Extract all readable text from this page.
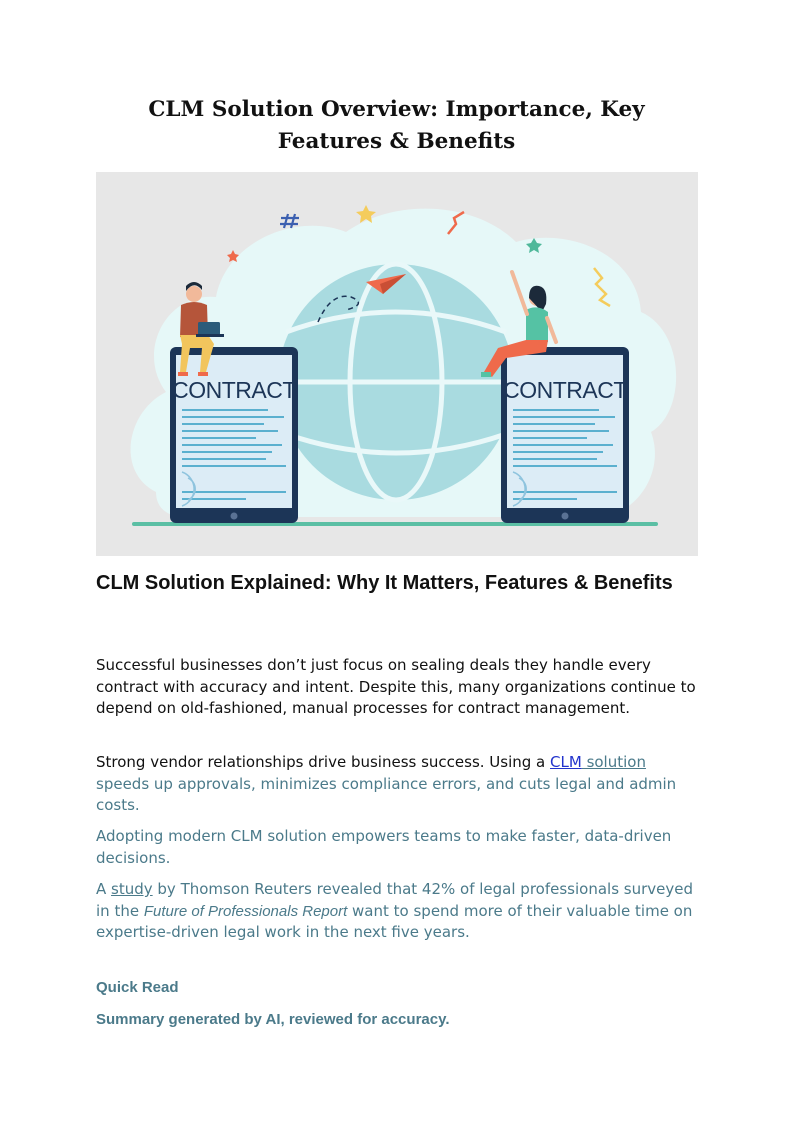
CLM Solution Overview: Importance, Key Features & Benefits
CONTRACT	CONTRACT
CLM Solution Explained: Why It Matters, Features & Benefits

Successful businesses don’t just focus on sealing deals they handle every contract with accuracy and intent. Despite this, many organizations continue to depend on old-fashioned, manual processes for contract management.

Strong vendor relationships drive business success. Using a CLM solution
speeds up approvals, minimizes compliance errors, and cuts legal and admin costs.

Adopting modern CLM solution empowers teams to make faster, data-driven decisions.

A study by Thomson Reuters revealed that 42% of legal professionals surveyed in the Future of Professionals Report want to spend more of their valuable time on expertise-driven legal work in the next five years.

Quick Read

Summary generated by AI, reviewed for accuracy.
